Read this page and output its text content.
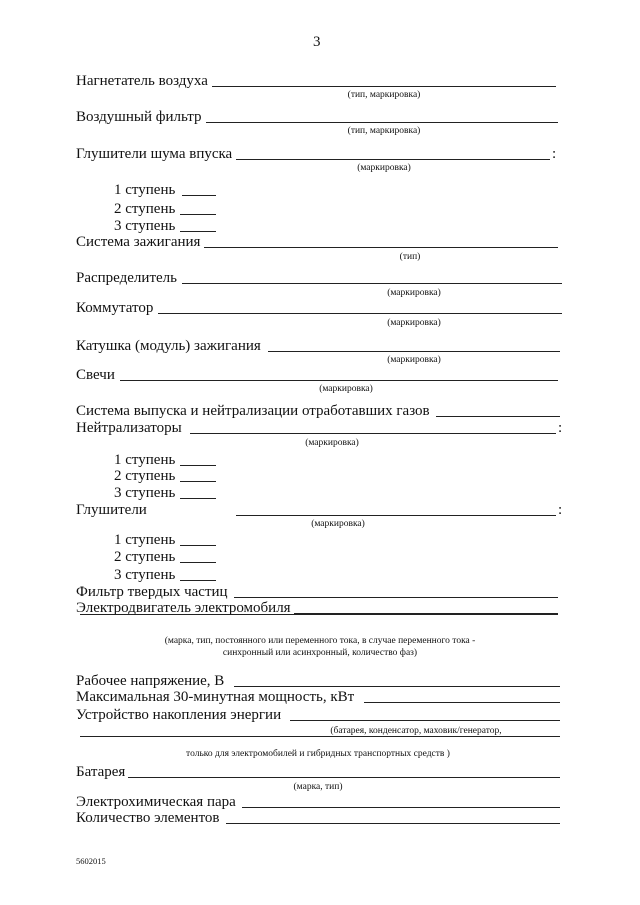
3
Нагнетатель воздуха
(тип, маркировка)
Воздушный фильтр
(тип, маркировка)
Глушители шума впуска	:
(маркировка)
1 ступень
2 ступень
3 ступень
Система зажигания
(тип)
Распределитель
(маркировка)
Коммутатор
(маркировка)
Катушка (модуль) зажигания
(маркировка)
Свечи
(маркировка)
Система выпуска и нейтрализации отработавших газов
Нейтрализаторы	:
(маркировка)
1 ступень
2 ступень
3 ступень
Глушители	:
(маркировка)
1 ступень
2 ступень
3 ступень
Фильтр твердых частиц
Электродвигатель электромобиля
(марка, тип, постоянного или переменного тока, в случае переменного тока -
синхронный или асинхронный, количество фаз)
Рабочее напряжение, В
Максимальная 30-минутная мощность, кВт
Устройство накопления энергии
(батарея, конденсатор, маховик/генератор,
только для электромобилей и гибридных транспортных средств )
Батарея
(марка, тип)
Электрохимическая пара
Количество элементов
5602015
